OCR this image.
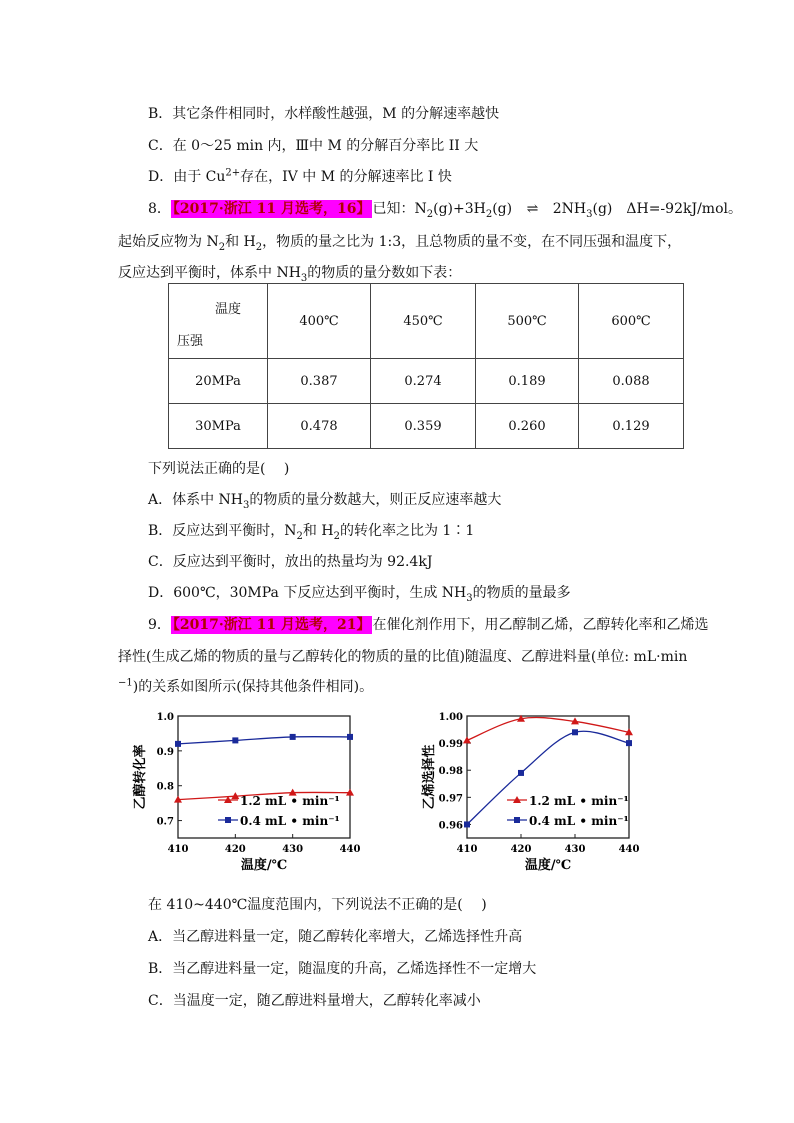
B．其它条件相同时，水样酸性越强，M 的分解速率越快
C．在 0～25 min 内，Ⅲ中 M 的分解百分率比 II 大
D．由于 $Cu^{2+}$存在，IV 中 M 的分解速率比 I 快
8． 【2017·浙江 11 月选考，16】 已知：$N_2(g)+3H_2(g)$ ⇌ $2NH_3(g)$　ΔH=-92kJ/mol。
起始反应物为 $N_2$和 $H_2$，物质的量之比为 1:3，且总物质的量不变，在不同压强和温度下，
反应达到平衡时，体系中 $NH_3$的物质的量分数如下表：
温度
压强	400℃	450℃	500℃	600℃
20MPa	0.387	0.274	0.189	0.088
30MPa	0.478	0.359	0.260	0.129
下列说法正确的是(　 )
A．体系中 $NH_3$的物质的量分数越大，则正反应速率越大
B．反应达到平衡时，$N_2$和 $H_2$的转化率之比为 1∶1
C．反应达到平衡时，放出的热量均为 92.4kJ
D．600℃，30MPa 下反应达到平衡时，生成 $NH_3$的物质的量最多
9． 【2017·浙江 11 月选考，21】 在催化剂作用下，用乙醇制乙烯，乙醇转化率和乙烯选
择性(生成乙烯的物质的量与乙醇转化的物质的量的比值)随温度、乙醇进料量(单位: mL·min
$^{-1}$)的关系如图所示(保持其他条件相同)。
410	420	430	440
0.7
0.8
0.9
1.0
温度/℃
乙醇转化率	1.2 mL • min⁻¹
0.4 mL • min⁻¹
410	420	430	440
0.96
0.97
0.98
0.99
1.00
温度/℃
乙烯选择性	1.2 mL • min⁻¹
0.4 mL • min⁻¹
在 410~440℃温度范围内，下列说法不正确的是(　 )
A．当乙醇进料量一定，随乙醇转化率增大，乙烯选择性升高
B．当乙醇进料量一定，随温度的升高，乙烯选择性不一定增大
C．当温度一定，随乙醇进料量增大，乙醇转化率减小
